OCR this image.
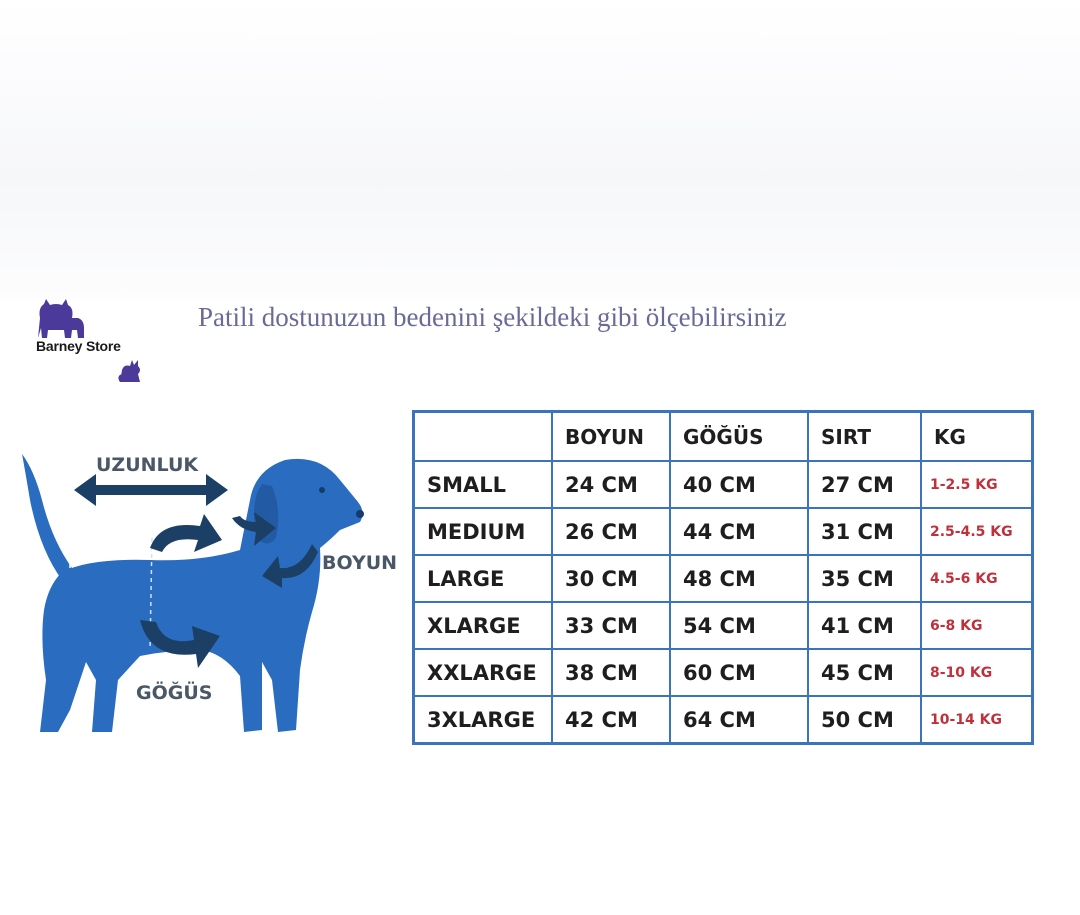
Barney Store
Patili dostunuzun bedenini şekildeki gibi ölçebilirsiniz
UZUNLUK
BOYUN
GÖĞÜS
	BOYUN	GÖĞÜS	SIRT	KG
SMALL	24 CM	40 CM	27 CM	1-2.5 KG
MEDIUM	26 CM	44 CM	31 CM	2.5-4.5 KG
LARGE	30 CM	48 CM	35 CM	4.5-6 KG
XLARGE	33 CM	54 CM	41 CM	6-8 KG
XXLARGE	38 CM	60 CM	45 CM	8-10 KG
3XLARGE	42 CM	64 CM	50 CM	10-14 KG
